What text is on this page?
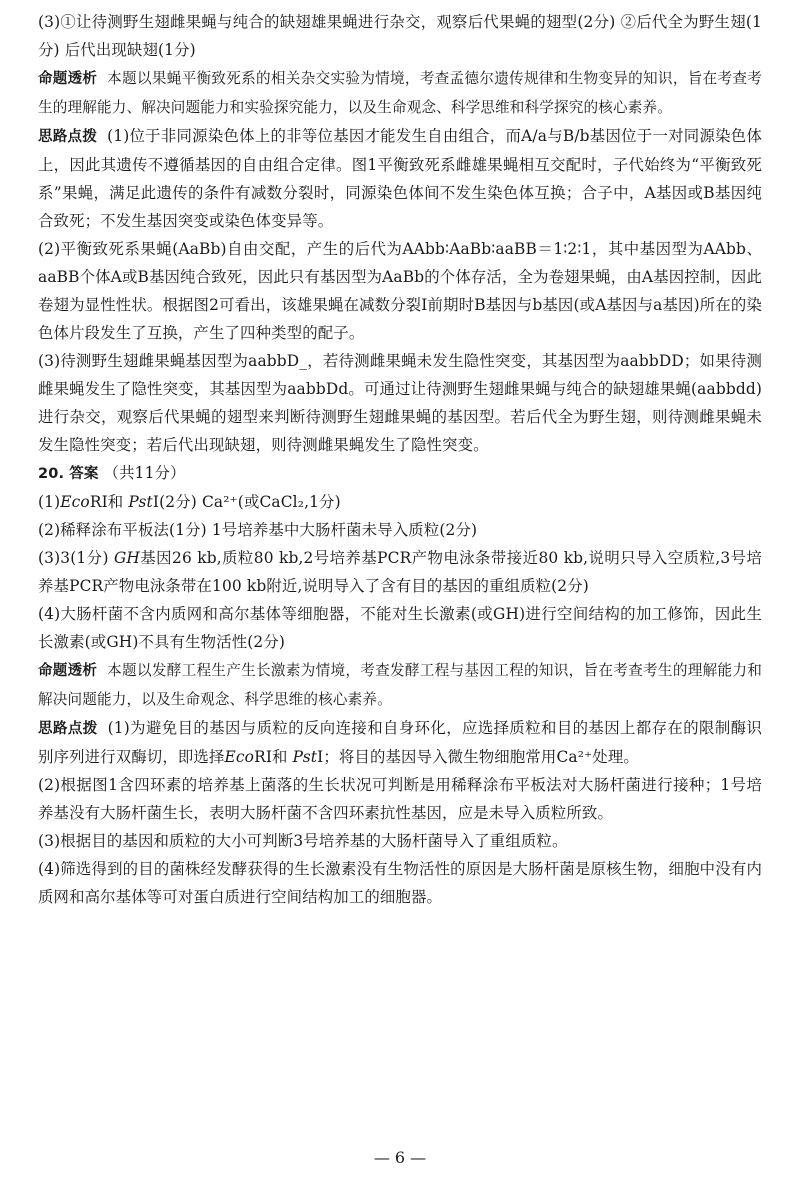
(3)①让待测野生翅雌果蝇与纯合的缺翅雄果蝇进行杂交，观察后代果蝇的翅型(2分) ②后代全为野生翅(1分) 后代出现缺翅(1分)

命题透析 本题以果蝇平衡致死系的相关杂交实验为情境，考查孟德尔遗传规律和生物变异的知识，旨在考查考生的理解能力、解决问题能力和实验探究能力，以及生命观念、科学思维和科学探究的核心素养。

思路点拨 (1)位于非同源染色体上的非等位基因才能发生自由组合，而A/a与B/b基因位于一对同源染色体上，因此其遗传不遵循基因的自由组合定律。图1平衡致死系雌雄果蝇相互交配时，子代始终为“平衡致死系”果蝇，满足此遗传的条件有减数分裂时，同源染色体间不发生染色体互换；合子中，A基因或B基因纯合致死；不发生基因突变或染色体变异等。

(2)平衡致死系果蝇(AaBb)自由交配，产生的后代为AAbb∶AaBb∶aaBB＝1∶2∶1，其中基因型为AAbb、aaBB个体A或B基因纯合致死，因此只有基因型为AaBb的个体存活，全为卷翅果蝇，由A基因控制，因此卷翅为显性性状。根据图2可看出，该雄果蝇在减数分裂Ⅰ前期时B基因与b基因(或A基因与a基因)所在的染色体片段发生了互换，产生了四种类型的配子。

(3)待测野生翅雌果蝇基因型为aabbD_，若待测雌果蝇未发生隐性突变，其基因型为aabbDD；如果待测雌果蝇发生了隐性突变，其基因型为aabbDd。可通过让待测野生翅雌果蝇与纯合的缺翅雄果蝇(aabbdd)进行杂交，观察后代果蝇的翅型来判断待测野生翅雌果蝇的基因型。若后代全为野生翅，则待测雌果蝇未发生隐性突变；若后代出现缺翅，则待测雌果蝇发生了隐性突变。

20. 答案 （共11分）

(1)EcoRⅠ和 PstⅠ(2分) Ca²⁺(或CaCl₂,1分)

(2)稀释涂布平板法(1分) 1号培养基中大肠杆菌未导入质粒(2分)

(3)3(1分) GH基因26 kb,质粒80 kb,2号培养基PCR产物电泳条带接近80 kb,说明只导入空质粒,3号培养基PCR产物电泳条带在100 kb附近,说明导入了含有目的基因的重组质粒(2分)

(4)大肠杆菌不含内质网和高尔基体等细胞器，不能对生长激素(或GH)进行空间结构的加工修饰，因此生长激素(或GH)不具有生物活性(2分)

命题透析 本题以发酵工程生产生长激素为情境，考查发酵工程与基因工程的知识，旨在考查考生的理解能力和解决问题能力，以及生命观念、科学思维的核心素养。

思路点拨 (1)为避免目的基因与质粒的反向连接和自身环化，应选择质粒和目的基因上都存在的限制酶识别序列进行双酶切，即选择EcoRⅠ和 PstⅠ；将目的基因导入微生物细胞常用Ca²⁺处理。

(2)根据图1含四环素的培养基上菌落的生长状况可判断是用稀释涂布平板法对大肠杆菌进行接种；1号培养基没有大肠杆菌生长，表明大肠杆菌不含四环素抗性基因，应是未导入质粒所致。

(3)根据目的基因和质粒的大小可判断3号培养基的大肠杆菌导入了重组质粒。

(4)筛选得到的目的菌株经发酵获得的生长激素没有生物活性的原因是大肠杆菌是原核生物，细胞中没有内质网和高尔基体等可对蛋白质进行空间结构加工的细胞器。

— 6 —
